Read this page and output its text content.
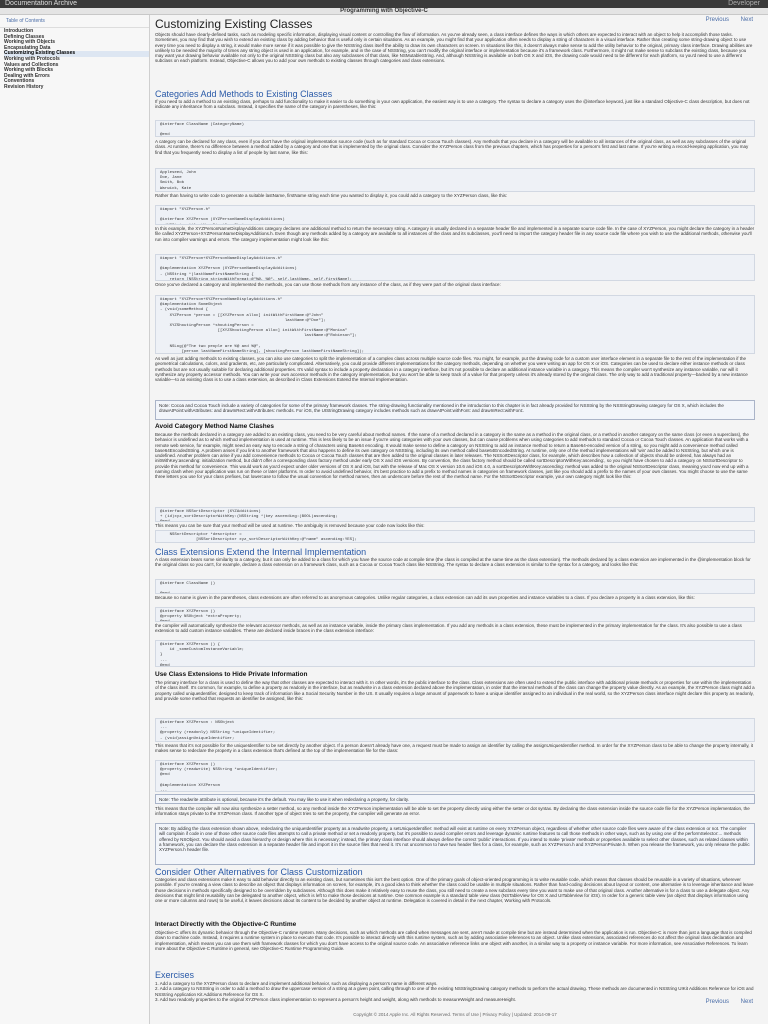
Documentation Archive	Developer
Programming with Objective-C
Table of Contents
Introduction
Defining Classes
Working with Objects
Encapsulating Data
Customizing Existing Classes
Working with Protocols
Values and Collections
Working with Blocks
Dealing with Errors
Conventions
Revision History
Previous Next
Customizing Existing Classes
Objects should have clearly-defined tasks, such as modeling specific information, displaying visual content or controlling the flow of information. As you've already seen, a class interface defines the ways in which others are expected to interact with an object to help it accomplish those tasks. Sometimes, you may find that you wish to extend an existing class by adding behavior that is useful only in certain situations. As an example, you might find that your application often needs to display a string of characters in a visual interface. Rather than creating some string-drawing object to use every time you need to display a string, it would make more sense if it was possible to give the NSString class itself the ability to draw its own characters on screen. In situations like this, it doesn't always make sense to add the utility behavior to the original, primary class interface. Drawing abilities are unlikely to be needed the majority of times any string object is used in an application, for example, and in the case of NSString, you can't modify the original interface or implementation because it's a framework class. Furthermore, it might not make sense to subclass the existing class, because you may want your drawing behavior available not only to the original NSString class but also any subclasses of that class, like NSMutableString. And, although NSString is available on both OS X and iOS, the drawing code would need to be different for each platform, so you'd need to use a different subclass on each platform. Instead, Objective-C allows you to add your own methods to existing classes through categories and class extensions.
Categories Add Methods to Existing Classes
If you need to add a method to an existing class, perhaps to add functionality to make it easier to do something in your own application, the easiest way is to use a category. The syntax to declare a category uses the @interface keyword, just like a standard Objective-C class description, but does not indicate any inheritance from a subclass. Instead, it specifies the name of the category in parentheses, like this:
@interface ClassName (CategoryName)

@end
A category can be declared for any class, even if you don't have the original implementation source code (such as for standard Cocoa or Cocoa Touch classes). Any methods that you declare in a category will be available to all instances of the original class, as well as any subclasses of the original class. At runtime, there's no difference between a method added by a category and one that is implemented by the original class. Consider the XYZPerson class from the previous chapters, which has properties for a person's first and last name. If you're writing a record-keeping application, you may find that you frequently need to display a list of people by last name, like this:
Appleseed, John
Doe, Jane
Smith, Bob
Warwick, Kate
Rather than having to write code to generate a suitable lastName, firstName string each time you wanted to display it, you could add a category to the XYZPerson class, like this:
#import "XYZPerson.h"

@interface XYZPerson (XYZPersonNameDisplayAdditions)

In this example, the XYZPersonNameDisplayAdditions category declares one additional method to return the necessary string. A category is usually declared in a separate header file and implemented in a separate source code file. In the case of XYZPerson, you might declare the category in a header file called XYZPerson+XYZPersonNameDisplayAdditions.h. Even though any methods added by a category are available to all instances of the class and its subclasses, you'll need to import the category header file in any source code file where you wish to use the additional methods, otherwise you'll run into compiler warnings and errors. The category implementation might look like this:
#import "XYZPerson+XYZPersonNameDisplayAdditions.h"

@implementation XYZPerson (XYZPersonNameDisplayAdditions)
- (NSString *)lastNameFirstNameString {
return [NSString stringWithFormat:@"%@, %@", self.lastName, self.firstName];

Once you've declared a category and implemented the methods, you can use those methods from any instance of the class, as if they were part of the original class interface:
#import "XYZPerson+XYZPersonNameDisplayAdditions.h"
@implementation SomeObject
- (void)someMethod {
XYZPerson *person = [[XYZPerson alloc] initWithFirstName:@"John"
lastName:@"Doe"];
XYZShoutingPerson *shoutingPerson =
[[XYZShoutingPerson alloc] initWithFirstName:@"Monica"
lastName:@"Robinson"];

NSLog(@"The two people are %@ and %@",
[person lastNameFirstNameString], [shoutingPerson lastNameFirstNameString]);

As well as just adding methods to existing classes, you can also use categories to split the implementation of a complex class across multiple source code files. You might, for example, put the drawing code for a custom user interface element in a separate file to the rest of the implementation if the geometrical calculations, colors, and gradients, etc, are particularly complicated. Alternatively, you could provide different implementations for the category methods, depending on whether you were writing an app for OS X or iOS. Categories can be used to declare either instance methods or class methods but are not usually suitable for declaring additional properties. It's valid syntax to include a property declaration in a category interface, but it's not possible to declare an additional instance variable in a category. This means the compiler won't synthesize any instance variable, nor will it synthesize any property accessor methods. You can write your own accessor methods in the category implementation, but you won't be able to keep track of a value for that property unless it's already stored by the original class. The only way to add a traditional property—backed by a new instance variable—to an existing class is to use a class extension, as described in Class Extensions Extend the Internal Implementation.
Note: Cocoa and Cocoa Touch include a variety of categories for some of the primary framework classes. The string-drawing functionality mentioned in the introduction to this chapter is in fact already provided for NSString by the NSStringDrawing category for OS X, which includes the drawAtPoint:withAttributes: and drawInRect:withAttributes: methods. For iOS, the UIStringDrawing category includes methods such as drawAtPoint:withFont: and drawInRect:withFont:.
Avoid Category Method Name Clashes
Because the methods declared in a category are added to an existing class, you need to be very careful about method names. If the name of a method declared in a category is the same as a method in the original class, or a method in another category on the same class (or even a superclass), the behavior is undefined as to which method implementation is used at runtime. This is less likely to be an issue if you're using categories with your own classes, but can cause problems when using categories to add methods to standard Cocoa or Cocoa Touch classes. An application that works with a remote web service, for example, might need an easy way to encode a string of characters using Base64 encoding. It would make sense to define a category on NSString to add an instance method to return a Base64-encoded version of a string, so you might add a convenience method called base64EncodedString. A problem arises if you link to another framework that also happens to define its own category on NSString, including its own method called base64EncodedString. At runtime, only one of the method implementations will 'win' and be added to NSString, but which one is undefined. Another problem can arise if you add convenience methods to Cocoa or Cocoa Touch classes that are then added to the original classes in later releases. The NSSortDescriptor class, for example, which describes how a collection of objects should be ordered, has always had an initWithKey:ascending: initialization method, but didn't offer a corresponding class factory method under early OS X and iOS versions. By convention, the class factory method should be called sortDescriptorWithKey:ascending:, so you might have chosen to add a category on NSSortDescriptor to provide this method for convenience. This would work as you'd expect under older versions of OS X and iOS, but with the release of Mac OS X version 10.6 and iOS 4.0, a sortDescriptorWithKey:ascending: method was added to the original NSSortDescriptor class, meaning you'd now end up with a naming clash when your application was run on these or later platforms. In order to avoid undefined behavior, it's best practice to add a prefix to method names in categories on framework classes, just like you should add a prefix to the names of your own classes. You might choose to use the same three letters you use for your class prefixes, but lowercase to follow the usual convention for method names, then an underscore before the rest of the method name. For the NSSortDescriptor example, your own category might look like this:
@interface NSSortDescriptor (XYZAdditions)
+ (id)xyz_sortDescriptorWithKey:(NSString *)key ascending:(BOOL)ascending;

This means you can be sure that your method will be used at runtime. The ambiguity is removed because your code now looks like this:
NSSortDescriptor *descriptor =
[NSSortDescriptor xyz_sortDescriptorWithKey:@"name" ascending:YES];
Class Extensions Extend the Internal Implementation
A class extension bears some similarity to a category, but it can only be added to a class for which you have the source code at compile time (the class is compiled at the same time as the class extension). The methods declared by a class extension are implemented in the @implementation block for the original class so you can't, for example, declare a class extension on a framework class, such as a Cocoa or Cocoa Touch class like NSString. The syntax to declare a class extension is similar to the syntax for a category, and looks like this:
@interface ClassName ()

Because no name is given in the parentheses, class extensions are often referred to as anonymous categories. Unlike regular categories, a class extension can add its own properties and instance variables to a class. If you declare a property in a class extension, like this:
@interface XYZPerson ()
@property NSObject *extraProperty;

the compiler will automatically synthesize the relevant accessor methods, as well as an instance variable, inside the primary class implementation. If you add any methods in a class extension, these must be implemented in the primary implementation for the class. It's also possible to use a class extension to add custom instance variables. These are declared inside braces in the class extension interface:
@interface XYZPerson () {
id _someCustomInstanceVariable;
}
...
@end
Use Class Extensions to Hide Private Information
The primary interface for a class is used to define the way that other classes are expected to interact with it. In other words, it's the public interface to the class. Class extensions are often used to extend the public interface with additional private methods or properties for use within the implementation of the class itself. It's common, for example, to define a property as readonly in the interface, but as readwrite in a class extension declared above the implementation, in order that the internal methods of the class can change the property value directly. As an example, the XYZPerson class might add a property called uniqueIdentifier, designed to keep track of information like a Social Security Number in the US. It usually requires a large amount of paperwork to have a unique identifier assigned to an individual in the real world, so the XYZPerson class interface might declare this property as readonly, and provide some method that requests an identifier be assigned, like this:
@interface XYZPerson : NSObject
...
@property (readonly) NSString *uniqueIdentifier;
- (void)assignUniqueIdentifier;

This means that it's not possible for the uniqueIdentifier to be set directly by another object. If a person doesn't already have one, a request must be made to assign an identifier by calling the assignUniqueIdentifier method. In order for the XYZPerson class to be able to change the property internally, it makes sense to redeclare the property in a class extension that's defined at the top of the implementation file for the class:
@interface XYZPerson ()
@property (readwrite) NSString *uniqueIdentifier;
@end

@implementation XYZPerson
...

Note: The readwrite attribute is optional, because it's the default. You may like to use it when redeclaring a property, for clarity.
This means that the compiler will now also synthesize a setter method, so any method inside the XYZPerson implementation will be able to set the property directly using either the setter or dot syntax. By declaring the class extension inside the source code file for the XYZPerson implementation, the information stays private to the XYZPerson class. If another type of object tries to set the property, the compiler will generate an error.
Note: By adding the class extension shown above, redeclaring the uniqueIdentifier property as a readwrite property, a setUniqueIdentifier: method will exist at runtime on every XYZPerson object, regardless of whether other source code files were aware of the class extension or not. The compiler will complain if code in one of those other source code files attempts to call a private method or set a readonly property, but it's possible to avoid compiler errors and leverage dynamic runtime features to call those methods in other ways, such as by using one of the performSelector:... methods offered by NSObject. You should avoid a class hierarchy or design where this is necessary; instead, the primary class interface should always define the correct 'public' interactions. If you intend to make 'private' methods or properties available to select other classes, such as related classes within a framework, you can declare the class extension in a separate header file and import it in the source files that need it. It's not uncommon to have two header files for a class, for example, such as XYZPerson.h and XYZPersonPrivate.h. When you release the framework, you only release the public XYZPerson.h header file.
Consider Other Alternatives for Class Customization
Categories and class extensions make it easy to add behavior directly to an existing class, but sometimes this isn't the best option. One of the primary goals of object-oriented programming is to write reusable code, which means that classes should be reusable in a variety of situations, wherever possible. If you're creating a view class to describe an object that displays information on screen, for example, it's a good idea to think whether the class could be usable in multiple situations. Rather than hard-coding decisions about layout or content, one alternative is to leverage inheritance and leave those decisions in methods specifically designed to be overridden by subclasses. Although this does make it relatively easy to reuse the class, you still need to create a new subclass every time you want to make use of that original class. Another alternative is for a class to use a delegate object. Any decisions that might limit reusability can be delegated to another object, which is left to make those decisions at runtime. One common example is a standard table view class (NSTableView for OS X and UITableView for iOS). In order for a generic table view (an object that displays information using one or more columns and rows) to be useful, it leaves decisions about its content to be decided by another object at runtime. Delegation is covered in detail in the next chapter, Working with Protocols.
Interact Directly with the Objective-C Runtime
Objective-C offers its dynamic behavior through the Objective-C runtime system. Many decisions, such as which methods are called when messages are sent, aren't made at compile time but are instead determined when the application is run. Objective-C is more than just a language that is compiled down to machine code. Instead, it requires a runtime system in place to execute that code. It's possible to interact directly with this runtime system, such as by adding associative references to an object. Unlike class extensions, associated references do not affect the original class declaration and implementation, which means you can use them with framework classes for which you don't have access to the original source code. An associative reference links one object with another, in a similar way to a property or instance variable. For more information, see Associative References. To learn more about the Objective-C Runtime in general, see Objective-C Runtime Programming Guide.
Exercises
1. Add a category to the XYZPerson class to declare and implement additional behavior, such as displaying a person's name in different ways.
2. Add a category to NSString in order to add a method to draw the uppercase version of a string at a given point, calling through to one of the existing NSStringDrawing category methods to perform the actual drawing. These methods are documented in NSString UIKit Additions Reference for iOS and NSString Application Kit Additions Reference for OS X.
3. Add two readonly properties to the original XYZPerson class implementation to represent a person's height and weight, along with methods to measureWeight and measureHeight.	Previous Next
Copyright © 2014 Apple Inc. All Rights Reserved. Terms of Use | Privacy Policy | Updated: 2014-09-17
